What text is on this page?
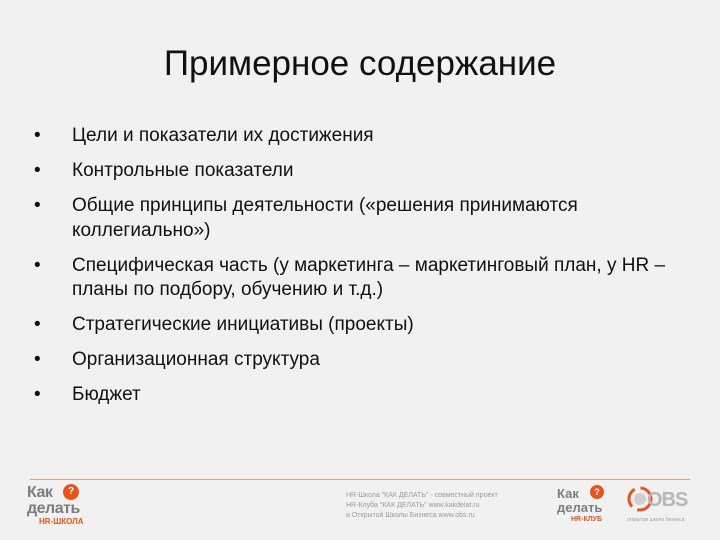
Примерное содержание
• Цели и показатели их достижения
• Контрольные показатели
• Общие принципы деятельности («решения принимаются коллегиально»)
• Специфическая часть (у маркетинга – маркетинговый план, у HR – планы по подбору, обучению и т.д.)
• Стратегические инициативы (проекты)
• Организационная структура
• Бюджет
Как	?
делать
HR-ШКОЛА
HR-Школа "КАК ДЕЛАТЬ" - совместный проект
HR-Клуба "КАК ДЕЛАТЬ" www.kakdelat.ru
и Открытой Школы Бизнеса www.obs.ru
Как	?
делать
HR-КЛУБ
OBS
открытая школа бизнеса
